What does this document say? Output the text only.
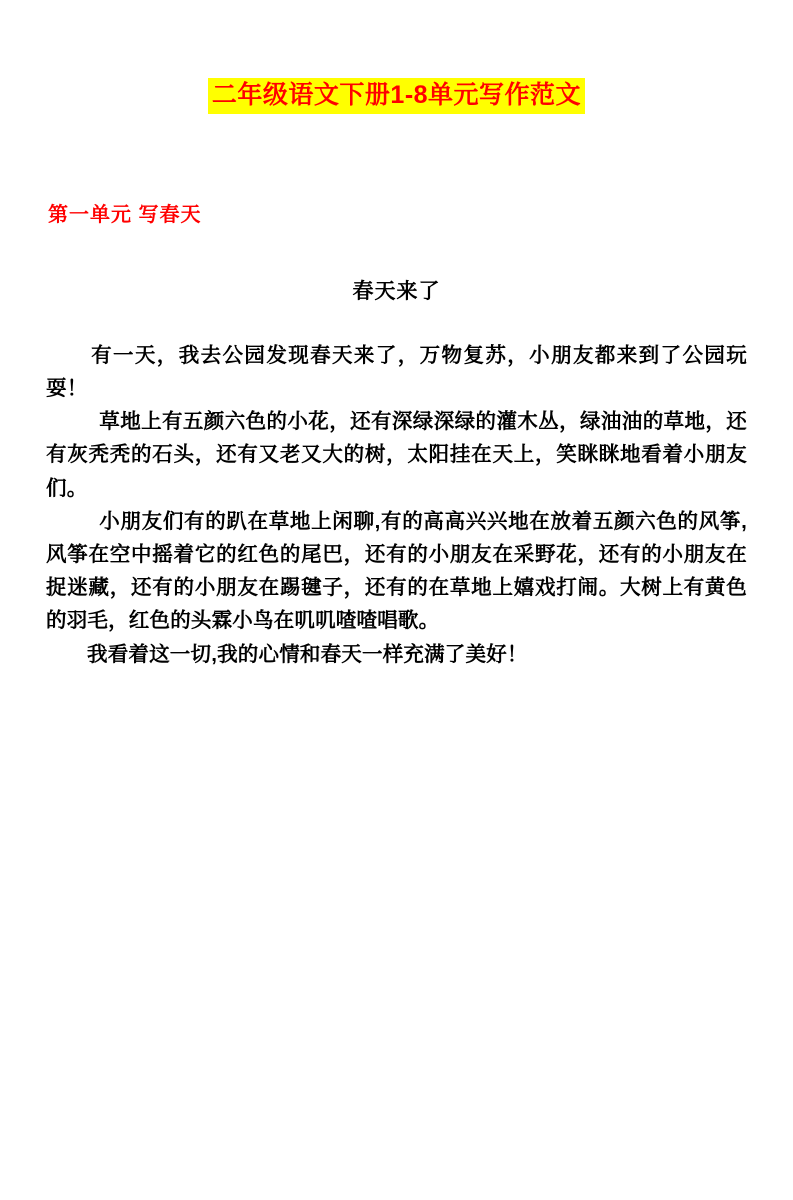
二年级语文下册1-8单元写作范文
第一单元 写春天
春天来了

有一天，我去公园发现春天来了，万物复苏，小朋友都来到了公园玩耍！

草地上有五颜六色的小花，还有深绿深绿的灌木丛，绿油油的草地，还有灰秃秃的石头，还有又老又大的树，太阳挂在天上，笑眯眯地看着小朋友们。

小朋友们有的趴在草地上闲聊,有的高高兴兴地在放着五颜六色的风筝,风筝在空中摇着它的红色的尾巴，还有的小朋友在采野花，还有的小朋友在捉迷藏，还有的小朋友在踢毽子，还有的在草地上嬉戏打闹。大树上有黄色的羽毛，红色的头霖小鸟在叽叽喳喳唱歌。

我看着这一切,我的心情和春天一样充满了美好！
